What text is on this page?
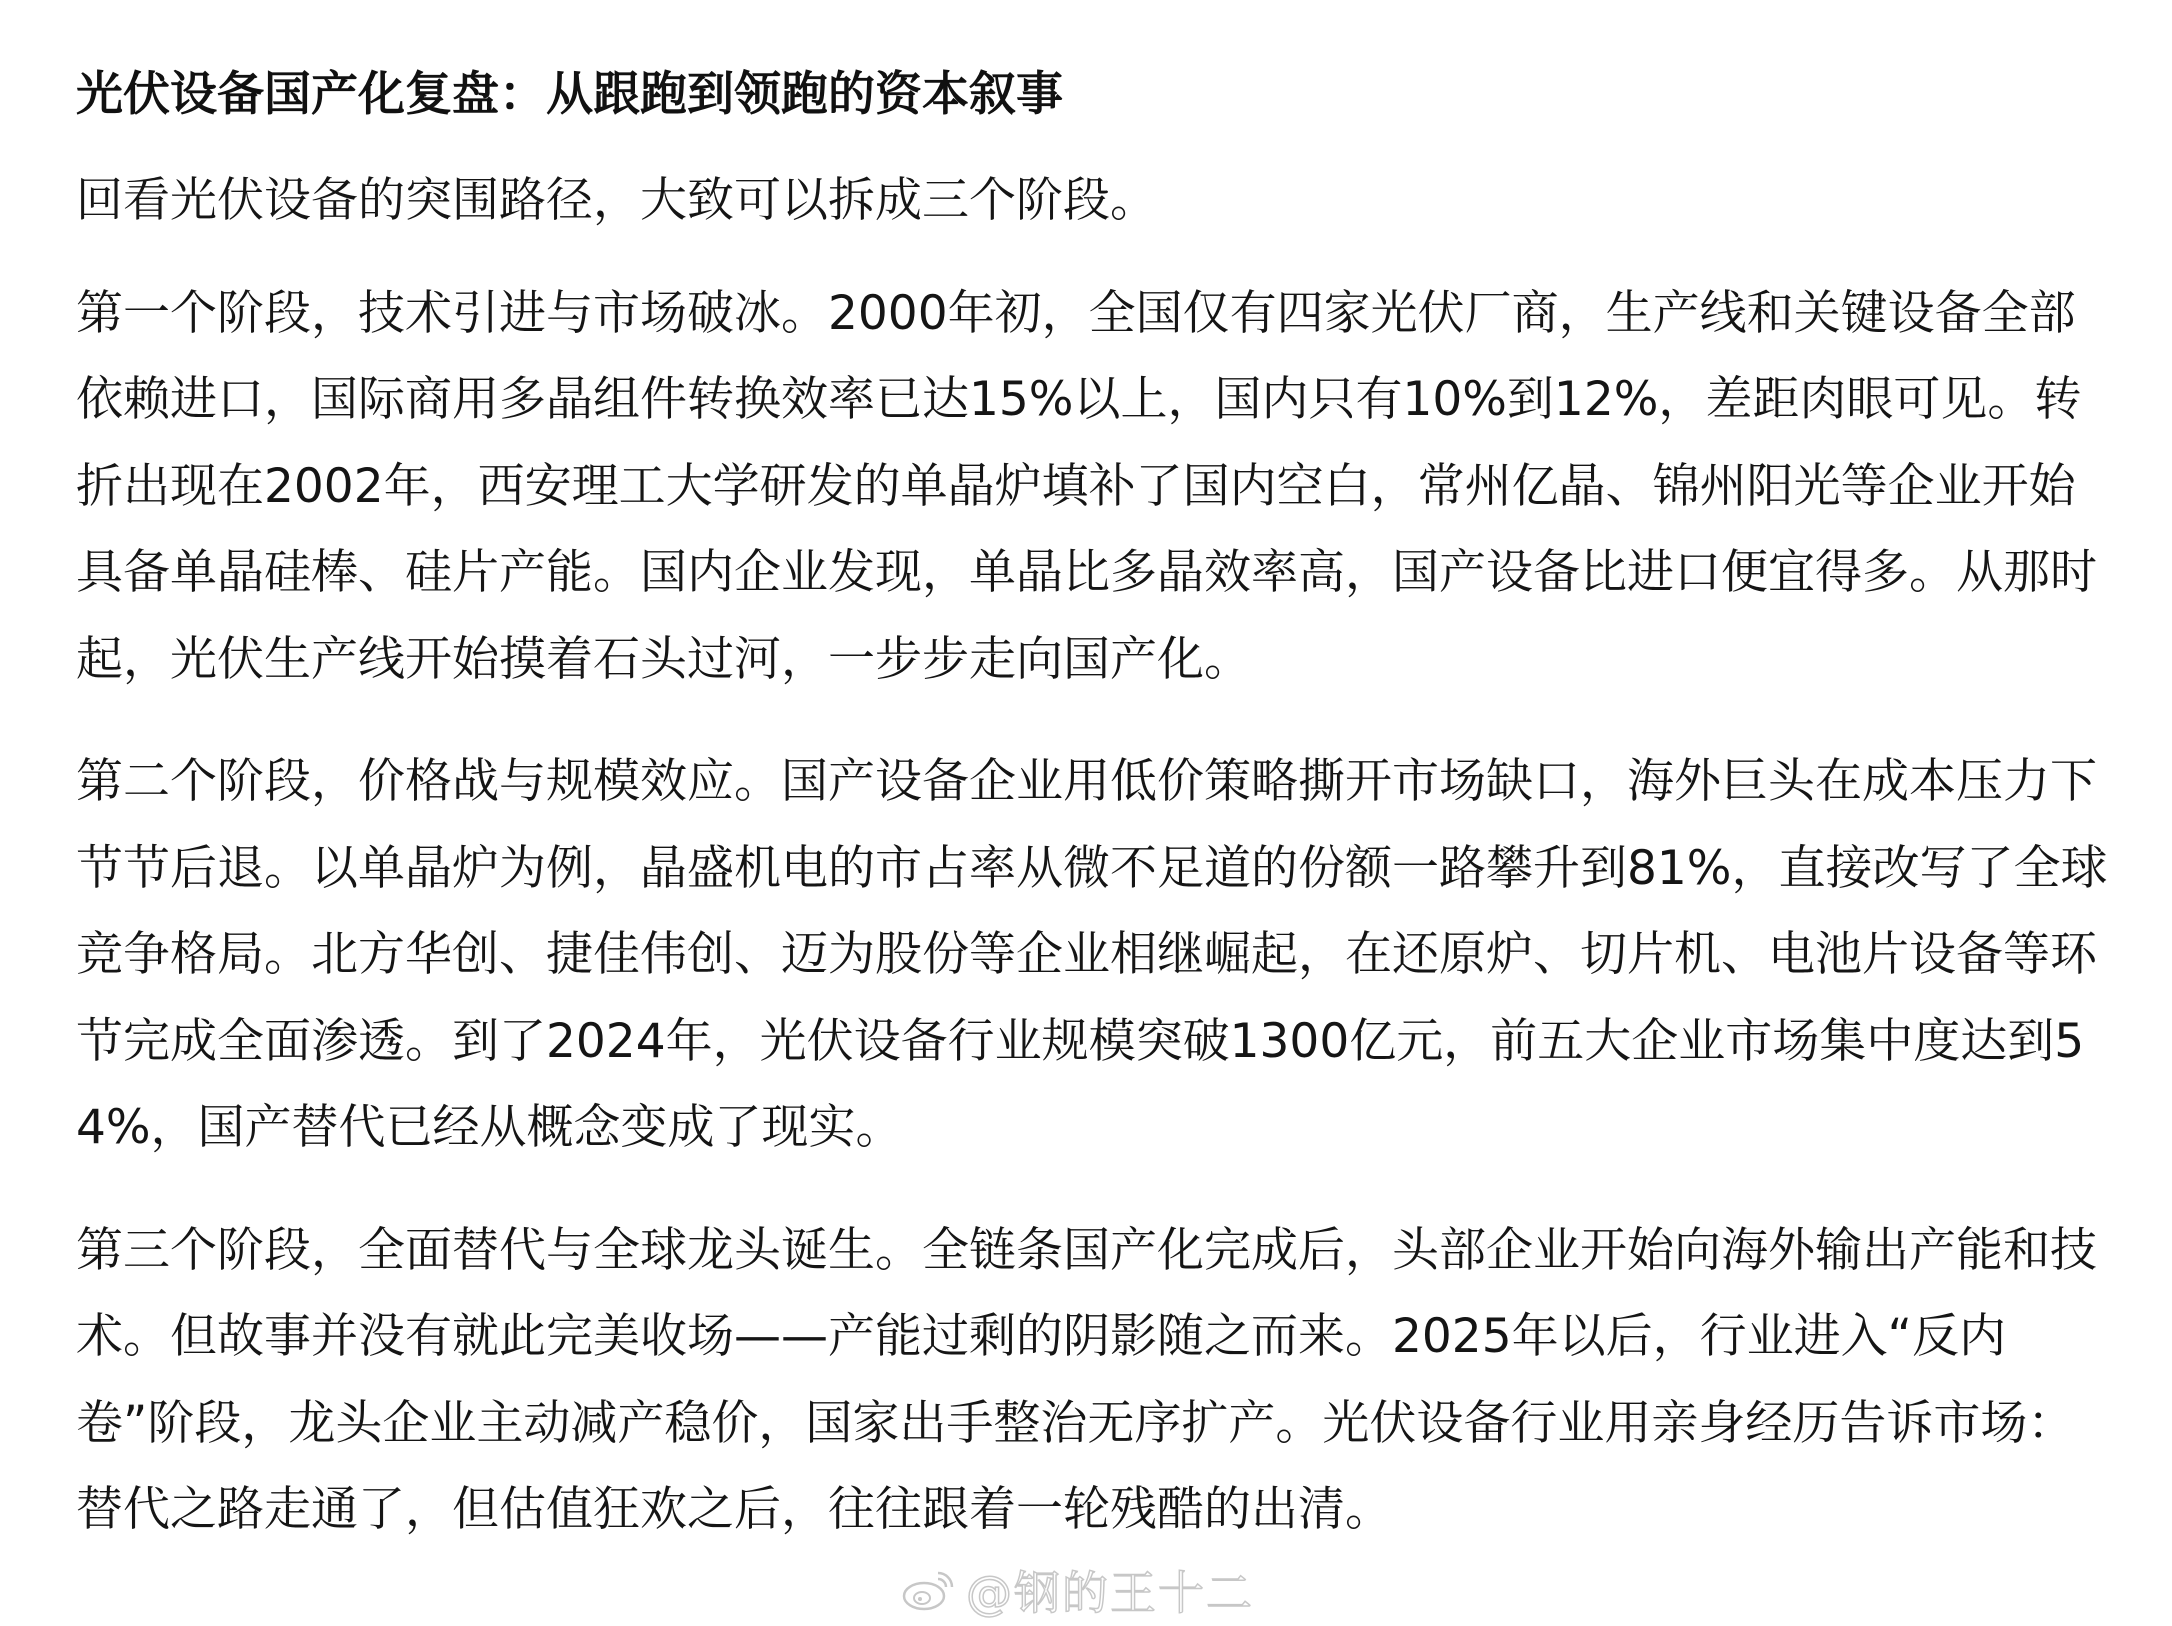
光伏设备国产化复盘：从跟跑到领跑的资本叙事

回看光伏设备的突围路径，大致可以拆成三个阶段。

第一个阶段，技术引进与市场破冰。2000年初，全国仅有四家光伏厂商，生产线和关键设备全部依赖进口，国际商用多晶组件转换效率已达15%以上，国内只有10%到12%，差距肉眼可见。转折出现在2002年，西安理工大学研发的单晶炉填补了国内空白，常州亿晶、锦州阳光等企业开始具备单晶硅棒、硅片产能。国内企业发现，单晶比多晶效率高，国产设备比进口便宜得多。从那时起，光伏生产线开始摸着石头过河，一步步走向国产化。

第二个阶段，价格战与规模效应。国产设备企业用低价策略撕开市场缺口，海外巨头在成本压力下节节后退。以单晶炉为例，晶盛机电的市占率从微不足道的份额一路攀升到81%，直接改写了全球竞争格局。北方华创、捷佳伟创、迈为股份等企业相继崛起，在还原炉、切片机、电池片设备等环节完成全面渗透。到了2024年，光伏设备行业规模突破1300亿元，前五大企业市场集中度达到54%，国产替代已经从概念变成了现实。

第三个阶段，全面替代与全球龙头诞生。全链条国产化完成后，头部企业开始向海外输出产能和技术。但故事并没有就此完美收场——产能过剩的阴影随之而来。2025年以后，行业进入“反内卷”阶段，龙头企业主动减产稳价，国家出手整治无序扩产。光伏设备行业用亲身经历告诉市场：替代之路走通了，但估值狂欢之后，往往跟着一轮残酷的出清。

@钢的王十二
